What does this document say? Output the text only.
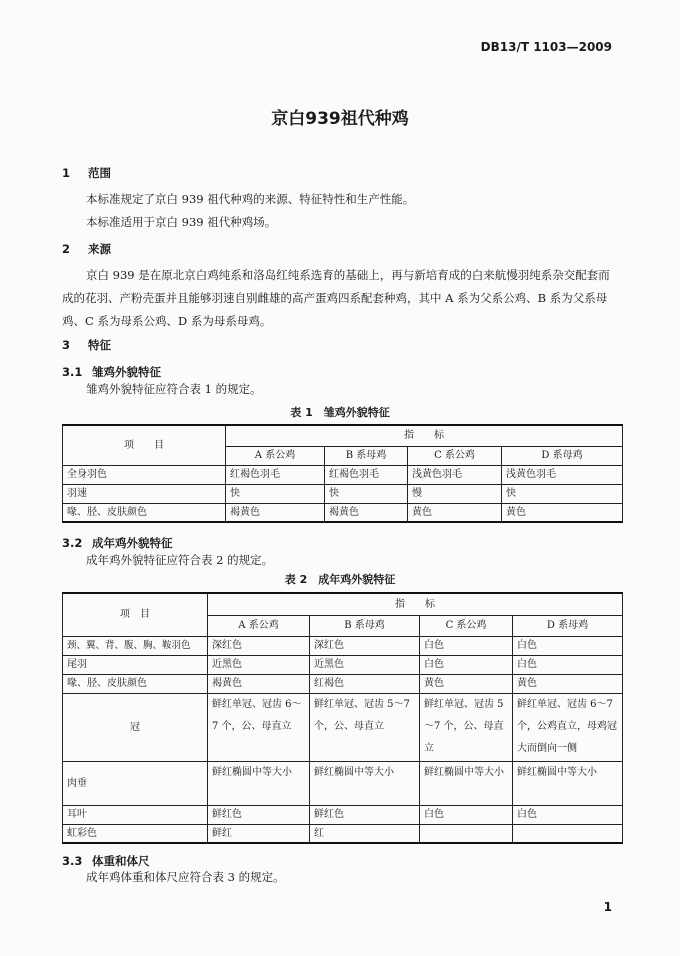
DB13/T 1103—2009
京白939祖代种鸡
1 范围
本标准规定了京白 939 祖代种鸡的来源、特征特性和生产性能。
本标准适用于京白 939 祖代种鸡场。
2 来源
京白 939 是在原北京白鸡纯系和洛岛红纯系选育的基础上，再与新培育成的白来航慢羽纯系杂交配套而成的花羽、产粉壳蛋并且能够羽速自别雌雄的高产蛋鸡四系配套种鸡，其中 A 系为父系公鸡、B 系为父系母鸡、C 系为母系公鸡、D 系为母系母鸡。
3 特征
3.1 雏鸡外貌特征
雏鸡外貌特征应符合表 1 的规定。
表 1　雏鸡外貌特征
项　　目	指　　标			
	A 系公鸡	B 系母鸡	C 系公鸡	D 系母鸡
全身羽色	红褐色羽毛	红褐色羽毛	浅黄色羽毛	浅黄色羽毛
羽速	快	快	慢	快
喙、胫、皮肤颜色	褐黄色	褐黄色	黄色	黄色
3.2 成年鸡外貌特征
成年鸡外貌特征应符合表 2 的规定。
表 2　成年鸡外貌特征
项　目	指　　标			
	A 系公鸡	B 系母鸡	C 系公鸡	D 系母鸡
颈、翼、背、腹、胸、鞍羽色	深红色	深红色	白色	白色
尾羽	近黑色	近黑色	白色	白色
喙、胫、皮肤颜色	褐黄色	红褐色	黄色	黄色
冠	鲜红单冠、冠齿 6～7 个，公、母直立	鲜红单冠、冠齿 5～7 个，公、母直立	鲜红单冠、冠齿 5～7 个，公、母直立	鲜红单冠、冠齿 6～7 个，公鸡直立，母鸡冠大而倒向一侧
肉垂	鲜红椭圆中等大小	鲜红椭圆中等大小	鲜红椭圆中等大小	鲜红椭圆中等大小
耳叶	鲜红色	鲜红色	白色	白色
虹彩色	鲜红	红		
3.3 体重和体尺
成年鸡体重和体尺应符合表 3 的规定。
1
